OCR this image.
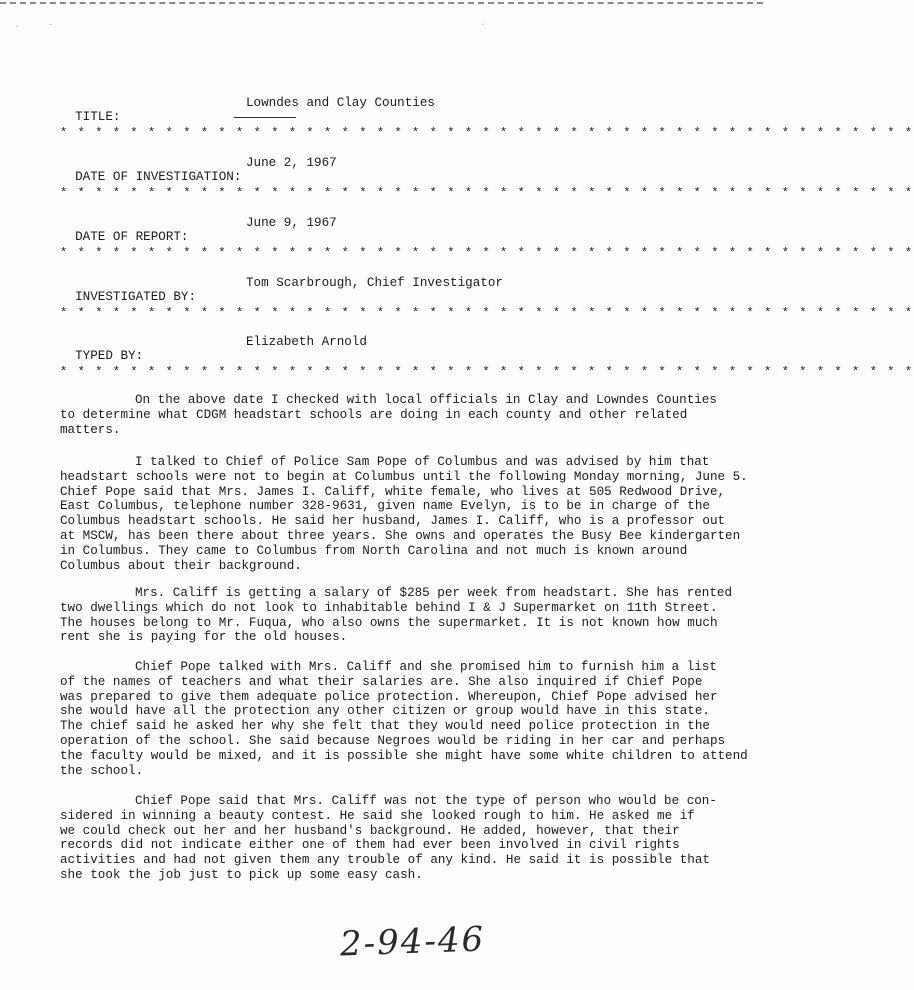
·	-	·

TITLE:

Lowndes and Clay Counties

* * * * * * * * * * * * * * * * * * * * * * * * * * * * * * * * * * * * * * * * * * * * * * * * *

DATE OF INVESTIGATION:

June 2, 1967

* * * * * * * * * * * * * * * * * * * * * * * * * * * * * * * * * * * * * * * * * * * * * * * * *

DATE OF REPORT:

June 9, 1967

* * * * * * * * * * * * * * * * * * * * * * * * * * * * * * * * * * * * * * * * * * * * * * * * *

INVESTIGATED BY:

Tom Scarbrough, Chief Investigator

* * * * * * * * * * * * * * * * * * * * * * * * * * * * * * * * * * * * * * * * * * * * * * * * *

TYPED BY:

Elizabeth Arnold

* * * * * * * * * * * * * * * * * * * * * * * * * * * * * * * * * * * * * * * * * * * * * * * * *

On the above date I checked with local officials in Clay and Lowndes Counties
to determine what CDGM headstart schools are doing in each county and other related
matters.

I talked to Chief of Police Sam Pope of Columbus and was advised by him that
headstart schools were not to begin at Columbus until the following Monday morning, June 5.
Chief Pope said that Mrs. James I. Califf, white female, who lives at 505 Redwood Drive,
East Columbus, telephone number 328-9631, given name Evelyn, is to be in charge of the
Columbus headstart schools. He said her husband, James I. Califf, who is a professor out
at MSCW, has been there about three years. She owns and operates the Busy Bee kindergarten
in Columbus. They came to Columbus from North Carolina and not much is known around
Columbus about their background.

Mrs. Califf is getting a salary of $285 per week from headstart. She has rented
two dwellings which do not look to inhabitable behind I & J Supermarket on 11th Street.
The houses belong to Mr. Fuqua, who also owns the supermarket. It is not known how much
rent she is paying for the old houses.

Chief Pope talked with Mrs. Califf and she promised him to furnish him a list
of the names of teachers and what their salaries are. She also inquired if Chief Pope
was prepared to give them adequate police protection. Whereupon, Chief Pope advised her
she would have all the protection any other citizen or group would have in this state.
The chief said he asked her why she felt that they would need police protection in the
operation of the school. She said because Negroes would be riding in her car and perhaps
the faculty would be mixed, and it is possible she might have some white children to attend
the school.

Chief Pope said that Mrs. Califf was not the type of person who would be con-
sidered in winning a beauty contest. He said she looked rough to him. He asked me if
we could check out her and her husband's background. He added, however, that their
records did not indicate either one of them had ever been involved in civil rights
activities and had not given them any trouble of any kind. He said it is possible that
she took the job just to pick up some easy cash.

2-94-46
